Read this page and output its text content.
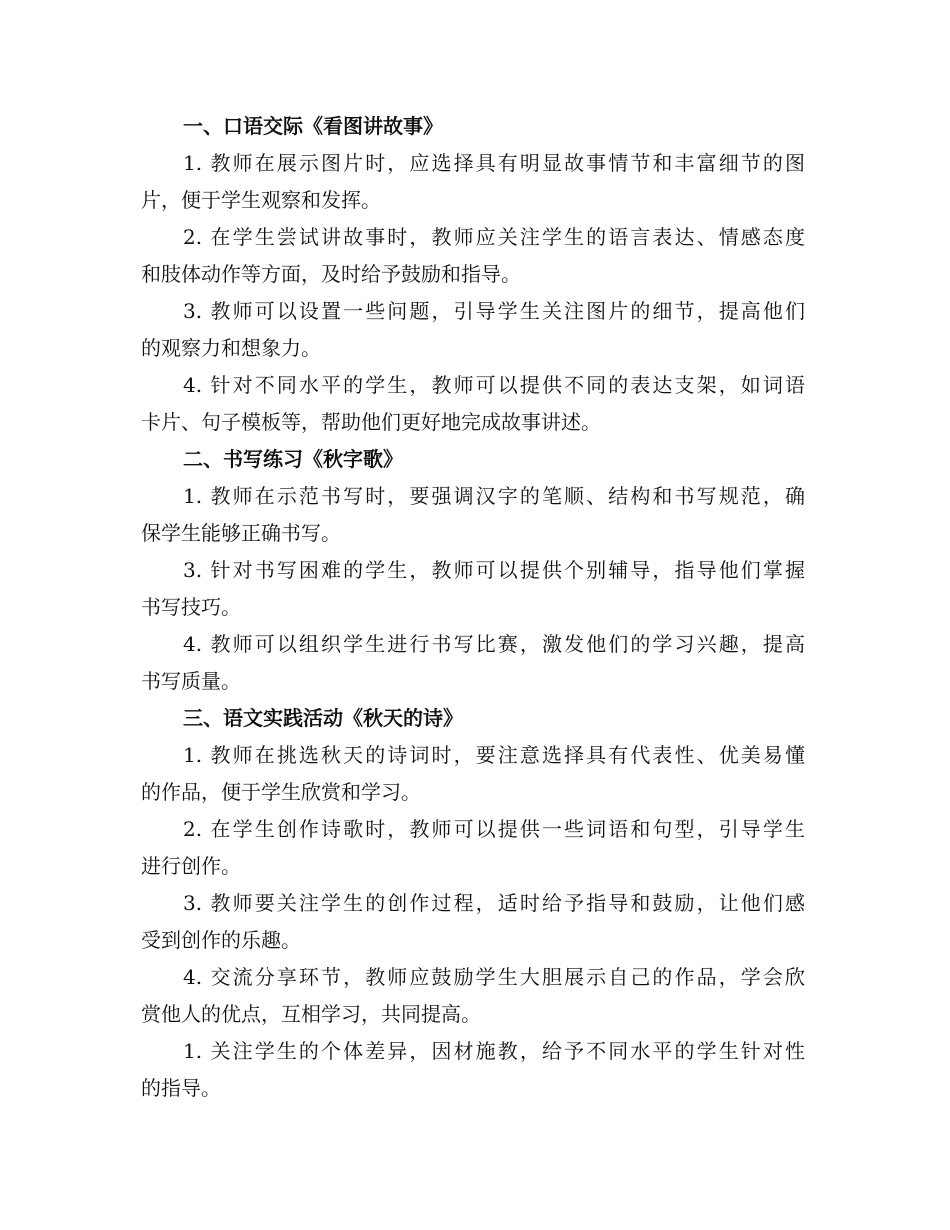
一、口语交际《看图讲故事》
1. 教师在展示图片时，应选择具有明显故事情节和丰富细节的图
片，便于学生观察和发挥。
2. 在学生尝试讲故事时，教师应关注学生的语言表达、情感态度
和肢体动作等方面，及时给予鼓励和指导。
3. 教师可以设置一些问题，引导学生关注图片的细节，提高他们
的观察力和想象力。
4. 针对不同水平的学生，教师可以提供不同的表达支架，如词语
卡片、句子模板等，帮助他们更好地完成故事讲述。
二、书写练习《秋字歌》
1. 教师在示范书写时，要强调汉字的笔顺、结构和书写规范，确
保学生能够正确书写。
3. 针对书写困难的学生，教师可以提供个别辅导，指导他们掌握
书写技巧。
4. 教师可以组织学生进行书写比赛，激发他们的学习兴趣，提高
书写质量。
三、语文实践活动《秋天的诗》
1. 教师在挑选秋天的诗词时，要注意选择具有代表性、优美易懂
的作品，便于学生欣赏和学习。
2. 在学生创作诗歌时，教师可以提供一些词语和句型，引导学生
进行创作。
3. 教师要关注学生的创作过程，适时给予指导和鼓励，让他们感
受到创作的乐趣。
4. 交流分享环节，教师应鼓励学生大胆展示自己的作品，学会欣
赏他人的优点，互相学习，共同提高。
1. 关注学生的个体差异，因材施教，给予不同水平的学生针对性
的指导。
